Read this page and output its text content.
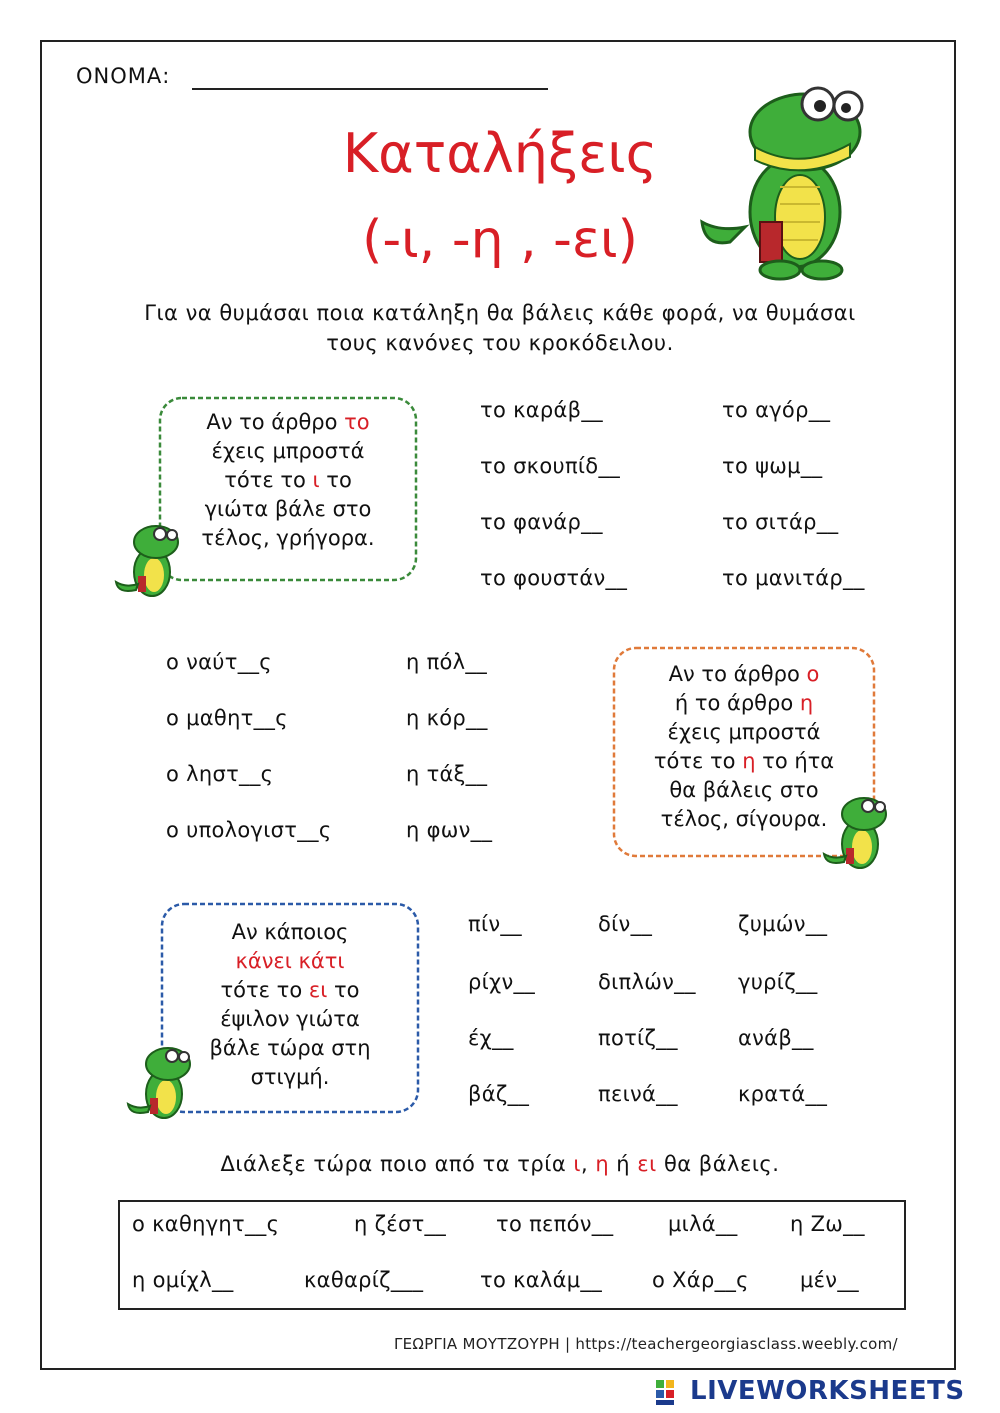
ΟΝΟΜΑ:
Καταλήξεις
(-ι, -η , -ει)
Για να θυμάσαι ποια κατάληξη θα βάλεις κάθε φορά, να θυμάσαι
τους κανόνες του κροκόδειλου.
Αν το άρθρο το
έχεις μπροστά
τότε το ι το
γιώτα βάλε στο
τέλος, γρήγορα.
το καράβ__	το αγόρ__
το σκουπίδ__	το ψωμ__
το φανάρ__	το σιτάρ__
το φουστάν__	το μανιτάρ__
ο ναύτ__ς	η πόλ__
ο μαθητ__ς	η κόρ__
ο ληστ__ς	η τάξ__
ο υπολογιστ__ς	η φων__
Αν το άρθρο ο
ή το άρθρο η
έχεις μπροστά
τότε το η το ήτα
θα βάλεις στο
τέλος, σίγουρα.
Αν κάποιος
κάνει κάτι
τότε το ει το
έψιλον γιώτα
βάλε τώρα στη
στιγμή.
πίν__	δίν__	ζυμών__
ρίχν__	διπλών__ γυρίζ__
έχ__	ποτίζ__	ανάβ__
βάζ__	πεινά__	κρατά__
Διάλεξε τώρα ποιο από τα τρία ι, η ή ει θα βάλεις.
ο καθηγητ__ς	η ζέστ__ το πεπόν__	μιλά__ η Ζω__
η ομίχλ__	καθαρίζ___	το καλάμ__ ο Χάρ__ς μέν__
ΓΕΩΡΓΙΑ ΜΟΥΤΖΟΥΡΗ | https://teachergeorgiasclass.weebly.com/
LIVEWORKSHEETS
